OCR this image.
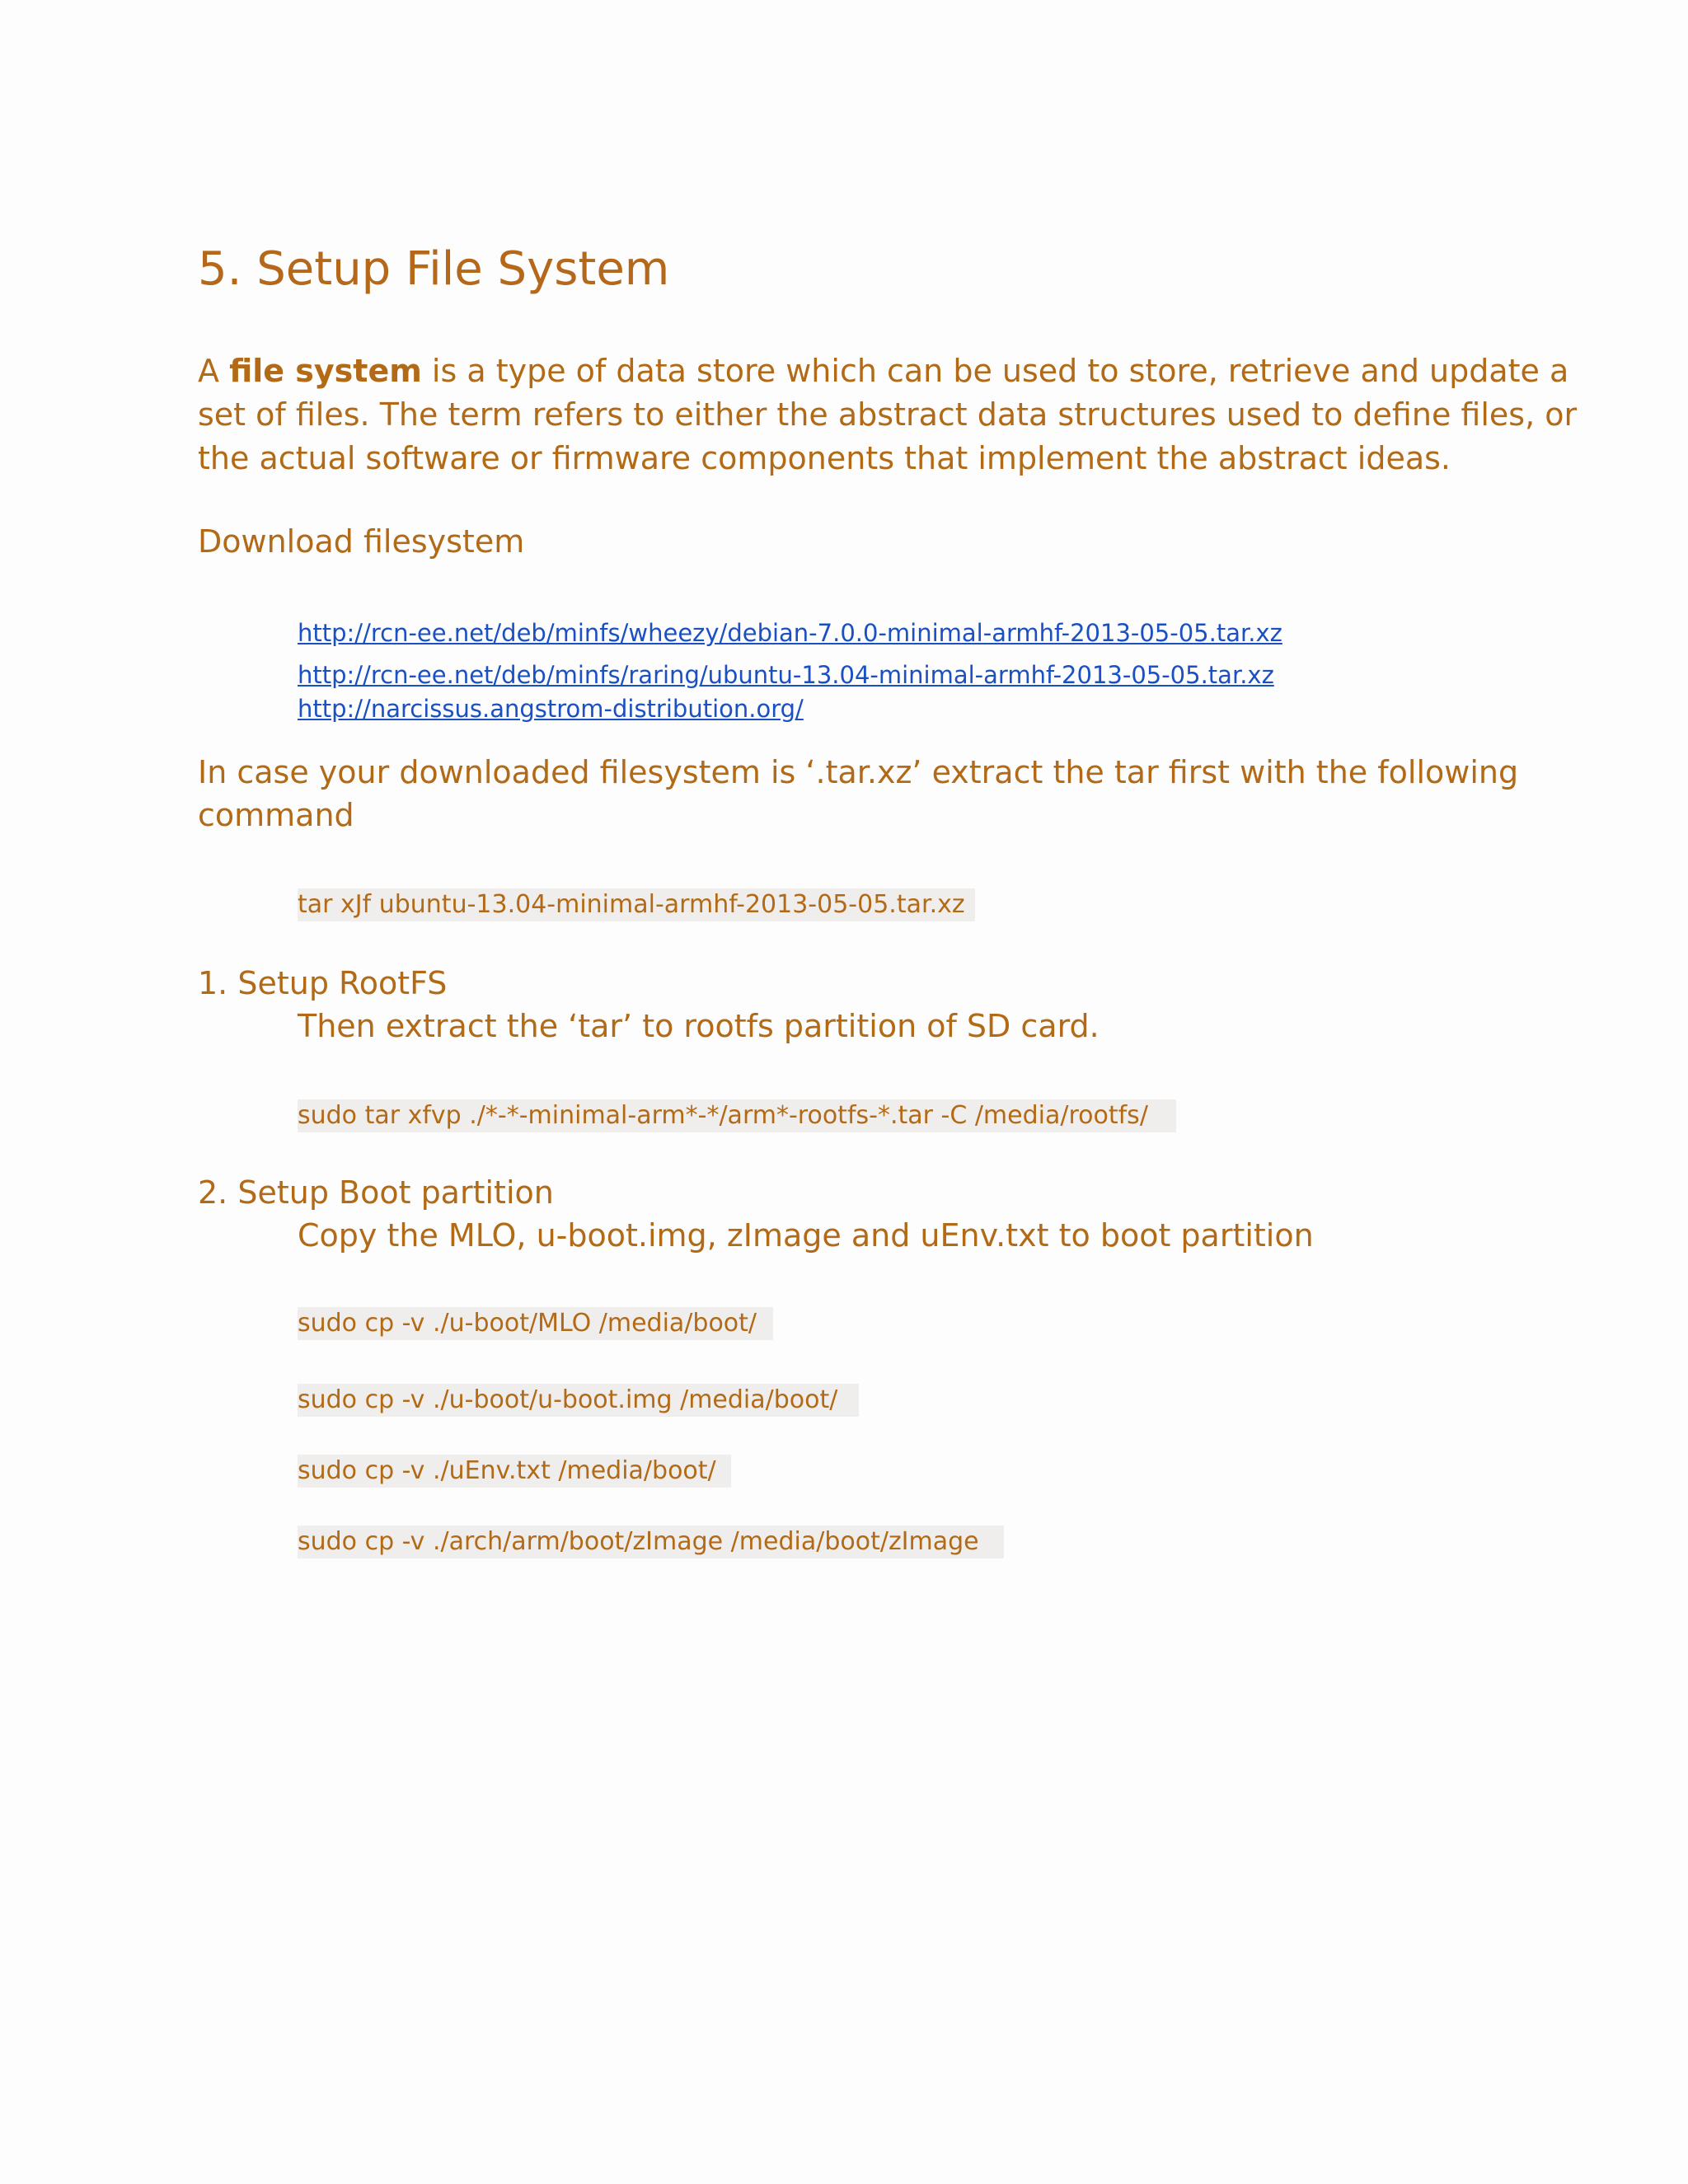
5. Setup File System

A file system is a type of data store which can be used to store, retrieve and update a set of files. The term refers to either the abstract data structures used to define files, or the actual software or firmware components that implement the abstract ideas.

Download filesystem
http://rcn-ee.net/deb/minfs/wheezy/debian-7.0.0-minimal-armhf-2013-05-05.tar.xz
http://rcn-ee.net/deb/minfs/raring/ubuntu-13.04-minimal-armhf-2013-05-05.tar.xz
http://narcissus.angstrom-distribution.org/
In case your downloaded filesystem is ‘.tar.xz’ extract the tar first with the following
command
tar xJf ubuntu-13.04-minimal-armhf-2013-05-05.tar.xz
1. Setup RootFS
Then extract the ‘tar’ to rootfs partition of SD card.
sudo tar xfvp ./*-*-minimal-arm*-*/arm*-rootfs-*.tar -C /media/rootfs/
2. Setup Boot partition
Copy the MLO, u-boot.img, zImage and uEnv.txt to boot partition
sudo cp -v ./u-boot/MLO /media/boot/
sudo cp -v ./u-boot/u-boot.img /media/boot/
sudo cp -v ./uEnv.txt /media/boot/
sudo cp -v ./arch/arm/boot/zImage /media/boot/zImage
